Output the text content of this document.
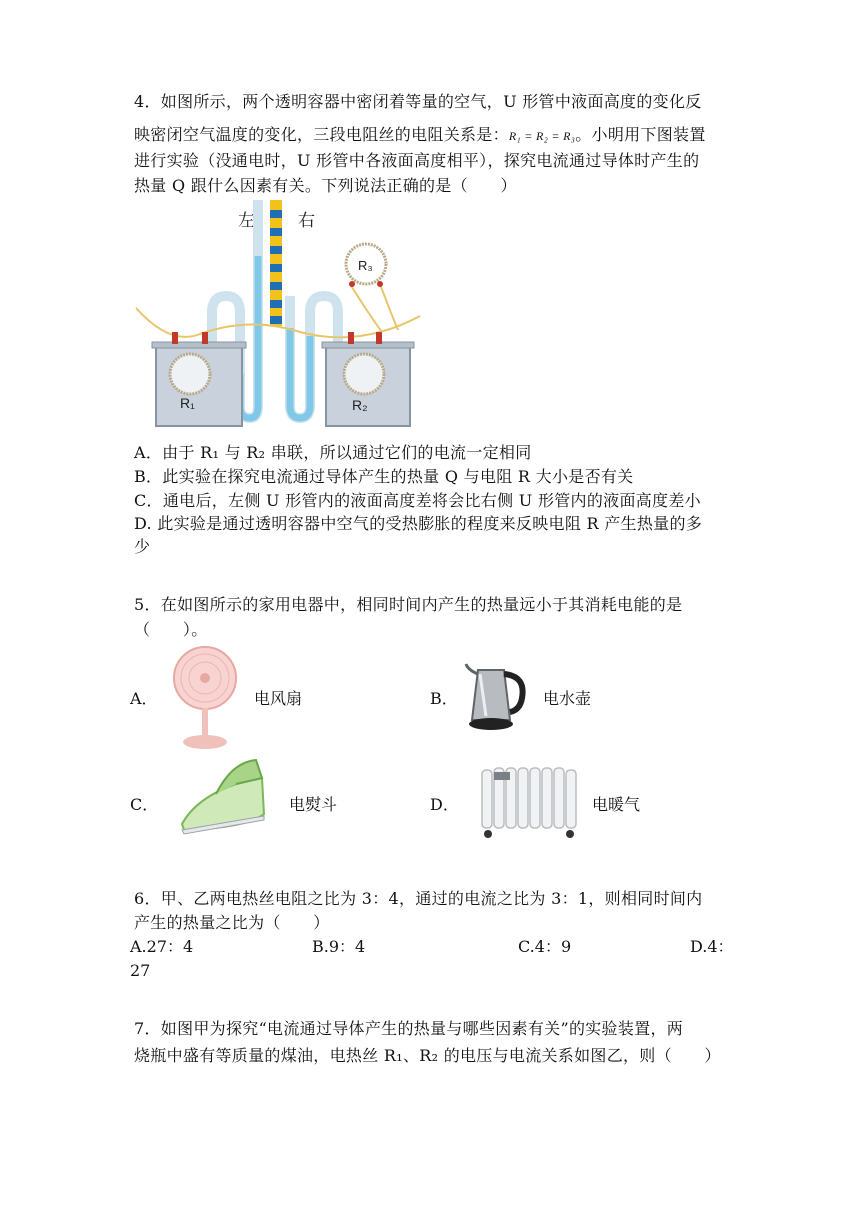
4．如图所示，两个透明容器中密闭着等量的空气，U 形管中液面高度的变化反
映密闭空气温度的变化，三段电阻丝的电阻关系是：R₁ = R₂ = R₃。小明用下图装置
进行实验（没通电时，U 形管中各液面高度相平），探究电流通过导体时产生的
热量 Q 跟什么因素有关。下列说法正确的是（　　）
左	右
R₃
R₁	R₂
A．由于 R₁ 与 R₂ 串联，所以通过它们的电流一定相同
B．此实验在探究电流通过导体产生的热量 Q 与电阻 R 大小是否有关
C．通电后，左侧 U 形管内的液面高度差将会比右侧 U 形管内的液面高度差小
D. 此实验是通过透明容器中空气的受热膨胀的程度来反映电阻 R 产生热量的多
少
5．在如图所示的家用电器中，相同时间内产生的热量远小于其消耗电能的是
（　　）。
A．	电风扇	B．	电水壶
C．	电熨斗	D．	电暖气
6．甲、乙两电热丝电阻之比为 3：4，通过的电流之比为 3：1，则相同时间内
产生的热量之比为（　　）
A.27：4	B.9：4	C.4：9	D.4：
27
7．如图甲为探究“电流通过导体产生的热量与哪些因素有关”的实验装置，两
烧瓶中盛有等质量的煤油，电热丝 R₁、R₂ 的电压与电流关系如图乙，则（　　）
